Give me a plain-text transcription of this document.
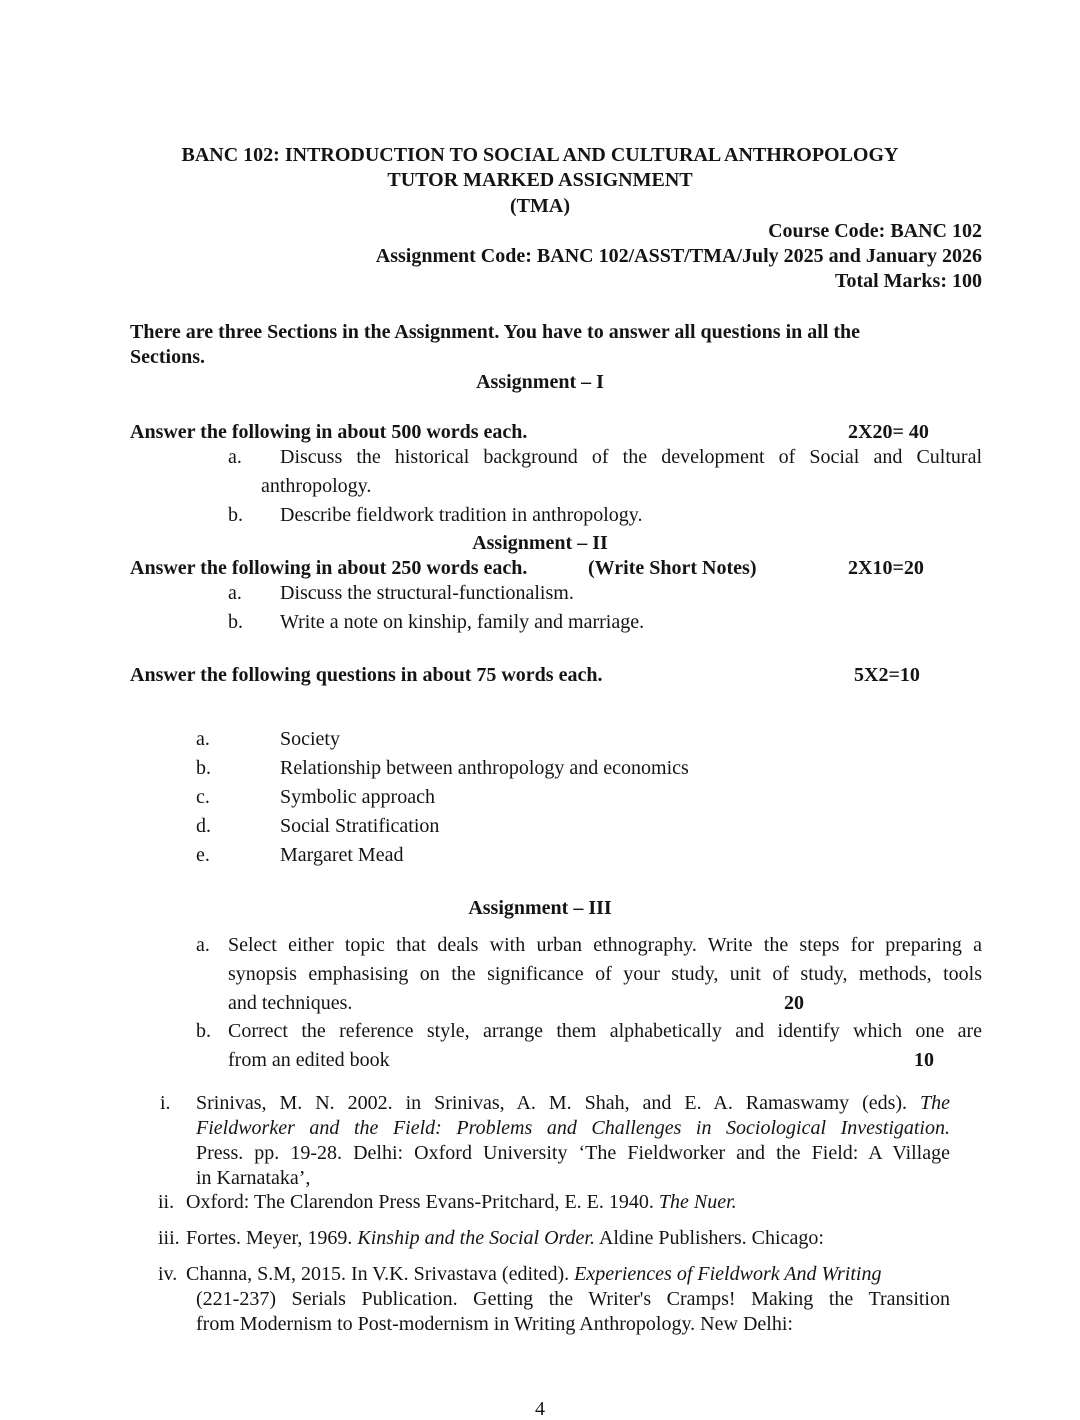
BANC 102: INTRODUCTION TO SOCIAL AND CULTURAL ANTHROPOLOGY
TUTOR MARKED ASSIGNMENT
(TMA)
Course Code: BANC 102
Assignment Code: BANC 102/ASST/TMA/July 2025 and January 2026
Total Marks: 100
There are three Sections in the Assignment. You have to answer all questions in all the
Sections.
Assignment – I
Answer the following in about 500 words each.	2X20= 40
a. Discuss the historical background of the development of Social and Cultural
anthropology.
b. Describe fieldwork tradition in anthropology.
Assignment – II
Answer the following in about 250 words each.	(Write Short Notes)	2X10=20
a. Discuss the structural-functionalism.
b. Write a note on kinship, family and marriage.
Answer the following questions in about 75 words each.	5X2=10
a.	Society
b.	Relationship between anthropology and economics
c.	Symbolic approach
d.	Social Stratification
e.	Margaret Mead
Assignment – III
a. Select either topic that deals with urban ethnography. Write the steps for preparing a
synopsis emphasising on the significance of your study, unit of study, methods, tools
and techniques.	20
b. Correct the reference style, arrange them alphabetically and identify which one are
from an edited book	10
i. Srinivas, M. N. 2002. in Srinivas, A. M. Shah, and E. A. Ramaswamy (eds). The
Fieldworker and the Field: Problems and Challenges in Sociological Investigation.
Press. pp. 19-28. Delhi: Oxford University ‘The Fieldworker and the Field: A Village
in Karnataka’,
ii. Oxford: The Clarendon Press Evans-Pritchard, E. E. 1940. The Nuer.
iii. Fortes. Meyer, 1969. Kinship and the Social Order. Aldine Publishers. Chicago:
iv. Channa, S.M, 2015. In V.K. Srivastava (edited). Experiences of Fieldwork And Writing
(221-237) Serials Publication. Getting the Writer's Cramps! Making the Transition
from Modernism to Post-modernism in Writing Anthropology. New Delhi:
4
